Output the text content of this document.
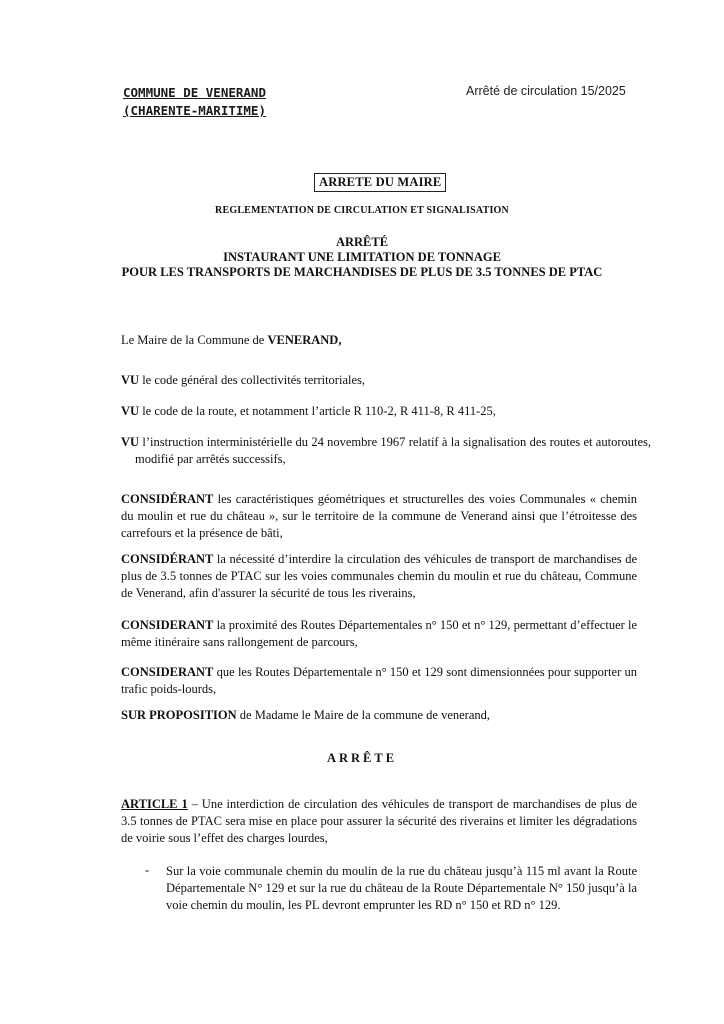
COMMUNE DE VENERAND
(CHARENTE-MARITIME)
Arrêté de circulation 15/2025
ARRETE DU MAIRE
REGLEMENTATION DE CIRCULATION ET SIGNALISATION
ARRÊTÉ
INSTAURANT UNE LIMITATION DE TONNAGE
POUR LES TRANSPORTS DE MARCHANDISES DE PLUS DE 3.5 TONNES DE PTAC
Le Maire de la Commune de VENERAND,
VU le code général des collectivités territoriales,
VU le code de la route, et notamment l’article R 110-2, R 411-8, R 411-25,
VU l’instruction interministérielle du 24 novembre 1967 relatif à la signalisation des routes et autoroutes, modifié par arrêtés successifs,
CONSIDÉRANT les caractéristiques géométriques et structurelles des voies Communales « chemin du moulin et rue du château », sur le territoire de la commune de Venerand ainsi que l’étroitesse des carrefours et la présence de bâti,
CONSIDÉRANT la nécessité d’interdire la circulation des véhicules de transport de marchandises de plus de 3.5 tonnes de PTAC sur les voies communales chemin du moulin et rue du château, Commune de Venerand, afin d'assurer la sécurité de tous les riverains,
CONSIDERANT la proximité des Routes Départementales n° 150 et n° 129, permettant d’effectuer le même itinéraire sans rallongement de parcours,
CONSIDERANT que les Routes Départementale n° 150 et 129 sont dimensionnées pour supporter un trafic poids-lourds,
SUR PROPOSITION de Madame le Maire de la commune de venerand,
ARRÊTE
ARTICLE 1 – Une interdiction de circulation des véhicules de transport de marchandises de plus de 3.5 tonnes de PTAC sera mise en place pour assurer la sécurité des riverains et limiter les dégradations de voirie sous l’effet des charges lourdes,
- Sur la voie communale chemin du moulin de la rue du château jusqu’à 115 ml avant la Route Départementale N° 129 et sur la rue du château de la Route Départementale N° 150 jusqu’à la voie chemin du moulin, les PL devront emprunter les RD n° 150 et RD n° 129.
